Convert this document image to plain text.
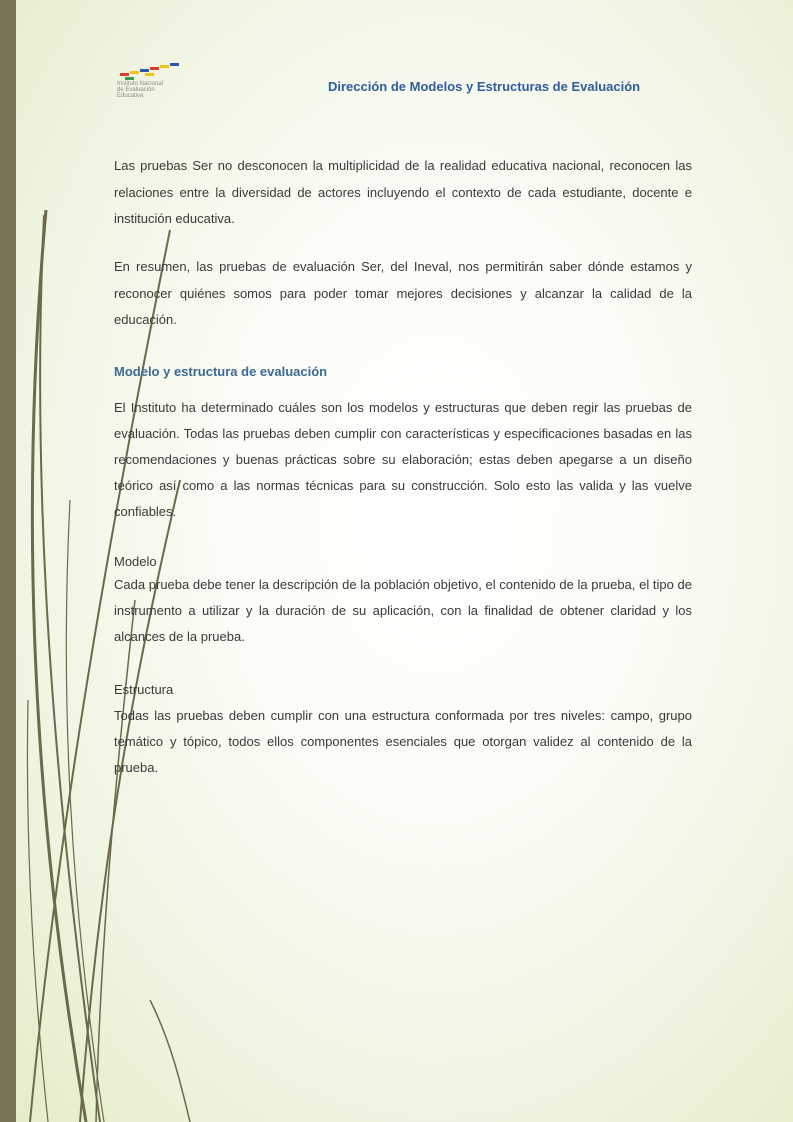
Instituto Nacional
de Evaluación
Educativa
Dirección de Modelos y Estructuras de Evaluación

Las pruebas Ser no desconocen la multiplicidad de la realidad educativa nacional, reconocen las relaciones entre la diversidad de actores incluyendo el contexto de cada estudiante, docente e institución educativa.

En resumen, las pruebas de evaluación Ser, del Ineval, nos permitirán saber dónde estamos y reconocer quiénes somos para poder tomar mejores decisiones y alcanzar la calidad de la educación.

Modelo y estructura de evaluación

El Instituto ha determinado cuáles son los modelos y estructuras que deben regir las pruebas de evaluación. Todas las pruebas deben cumplir con características y especificaciones basadas en las recomendaciones y buenas prácticas sobre su elaboración; estas deben apegarse a un diseño teórico así como a las normas técnicas para su construcción. Solo esto las valida y las vuelve confiables.

Modelo

Cada prueba debe tener la descripción de la población objetivo, el contenido de la prueba, el tipo de instrumento a utilizar y la duración de su aplicación, con la finalidad de obtener claridad y los alcances de la prueba.

Estructura

Todas las pruebas deben cumplir con una estructura conformada por tres niveles: campo, grupo temático y tópico, todos ellos componentes esenciales que otorgan validez al contenido de la prueba.
